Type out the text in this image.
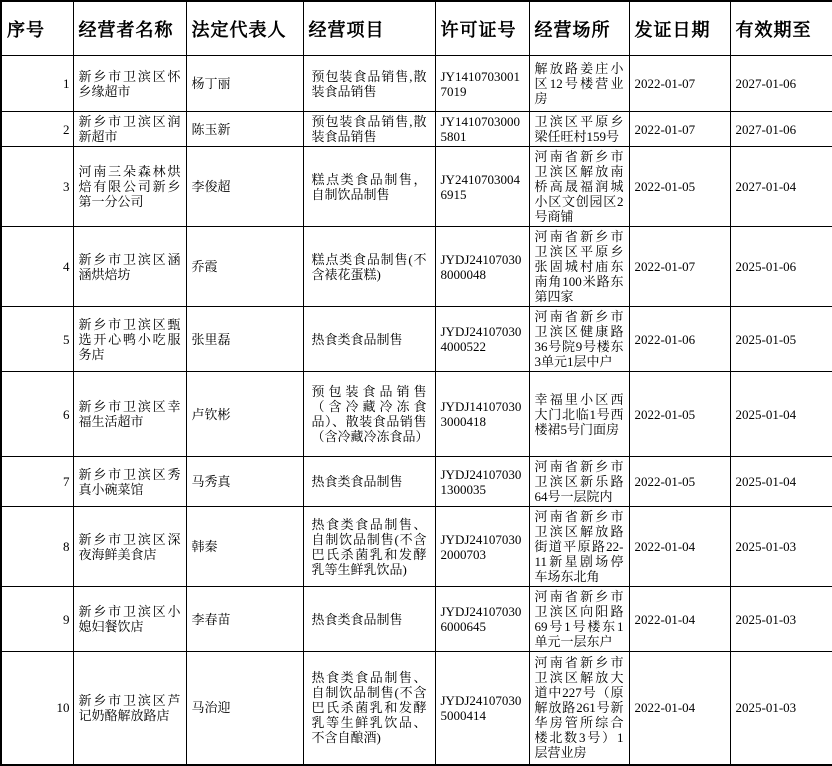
序号	经营者名称	法定代表人	经营项目	许可证号	经营场所	发证日期	有效期至
1	新乡市卫滨区怀乡缘超市	杨丁丽	预包装食品销售,散装食品销售	JY14107030017019	解放路姜庄小区12号楼营业房	2022-01-07	2027-01-06
2	新乡市卫滨区润新超市	陈玉新	预包装食品销售,散装食品销售	JY14107030005801	卫滨区平原乡梁任旺村159号	2022-01-07	2027-01-06
3	河南三朵森林烘焙有限公司新乡第一分公司	李俊超	糕点类食品制售，自制饮品制售	JY24107030046915	河南省新乡市卫滨区解放南桥高晟福润城小区文创园区2号商铺	2022-01-05	2027-01-04
4	新乡市卫滨区涵涵烘焙坊	乔霞	糕点类食品制售(不含裱花蛋糕)	JYDJ241070308000048	河南省新乡市卫滨区平原乡张固城村庙东南角100米路东第四家	2022-01-07	2025-01-06
5	新乡市卫滨区甄选开心鸭小吃服务店	张里磊	热食类食品制售	JYDJ241070304000522	河南省新乡市卫滨区健康路36号院9号楼东3单元1层中户	2022-01-06	2025-01-05
6	新乡市卫滨区幸福生活超市	卢钦彬	预包装食品销售（含冷藏冷冻食品）、散装食品销售（含冷藏冷冻食品）	JYDJ141070303000418	幸福里小区西大门北临1号西楼裙5号门面房	2022-01-05	2025-01-04
7	新乡市卫滨区秀真小碗菜馆	马秀真	热食类食品制售	JYDJ241070301300035	河南省新乡市卫滨区新乐路64号一层院内	2022-01-05	2025-01-04
8	新乡市卫滨区深夜海鲜美食店	韩秦	热食类食品制售、自制饮品制售(不含巴氏杀菌乳和发酵乳等生鲜乳饮品)	JYDJ241070302000703	河南省新乡市卫滨区解放路街道平原路22-11新星剧场停车场东北角	2022-01-04	2025-01-03
9	新乡市卫滨区小媳妇餐饮店	李春苗	热食类食品制售	JYDJ241070306000645	河南省新乡市卫滨区向阳路69号1号楼东1单元一层东户	2022-01-04	2025-01-03
10	新乡市卫滨区芦记奶酪解放路店	马治迎	热食类食品制售、自制饮品制售(不含巴氏杀菌乳和发酵乳等生鲜乳饮品、不含自酿酒)	JYDJ241070305000414	河南省新乡市卫滨区解放大道中227号（原解放路261号新华房管所综合楼北数3号）1层营业房	2022-01-04	2025-01-03
